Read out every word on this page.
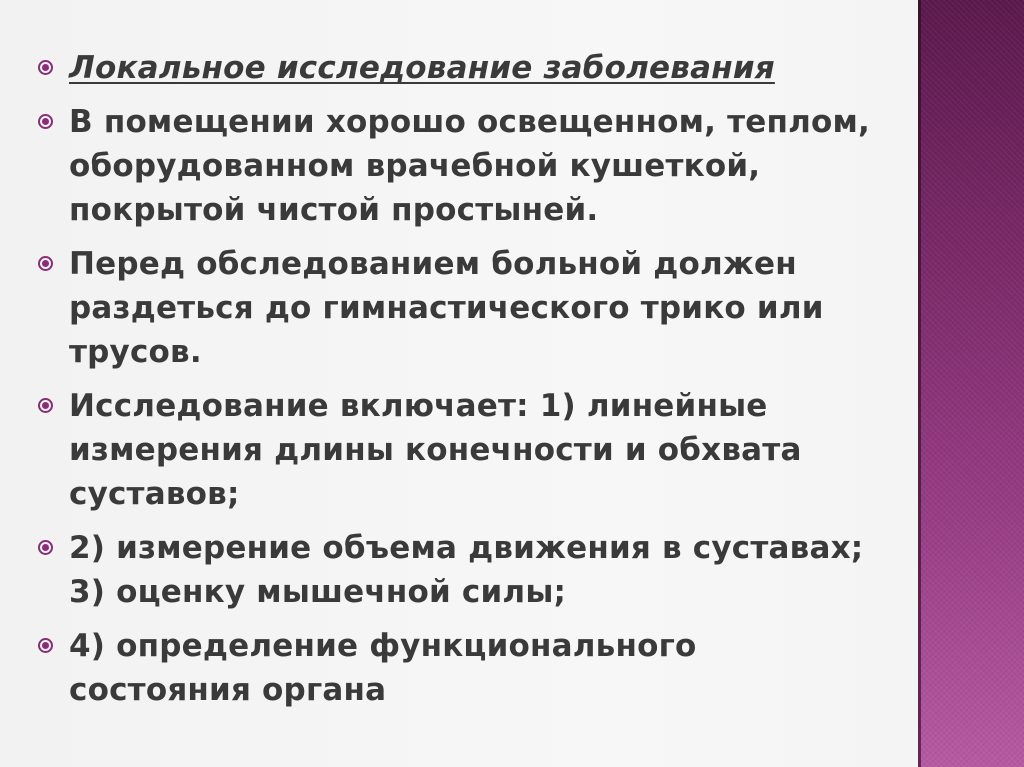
Локальное исследование заболевания
В помещении хорошо освещенном, теплом,
оборудованном врачебной кушеткой,
покрытой чистой простыней.
Перед обследованием больной должен
раздеться до гимнастического трико или
трусов.
Исследование включает: 1) линейные
измерения длины конечности и обхвата
суставов;
2) измерение объема движения в суставах;
3) оценку мышечной силы;
4) определение функционального
состояния органа
